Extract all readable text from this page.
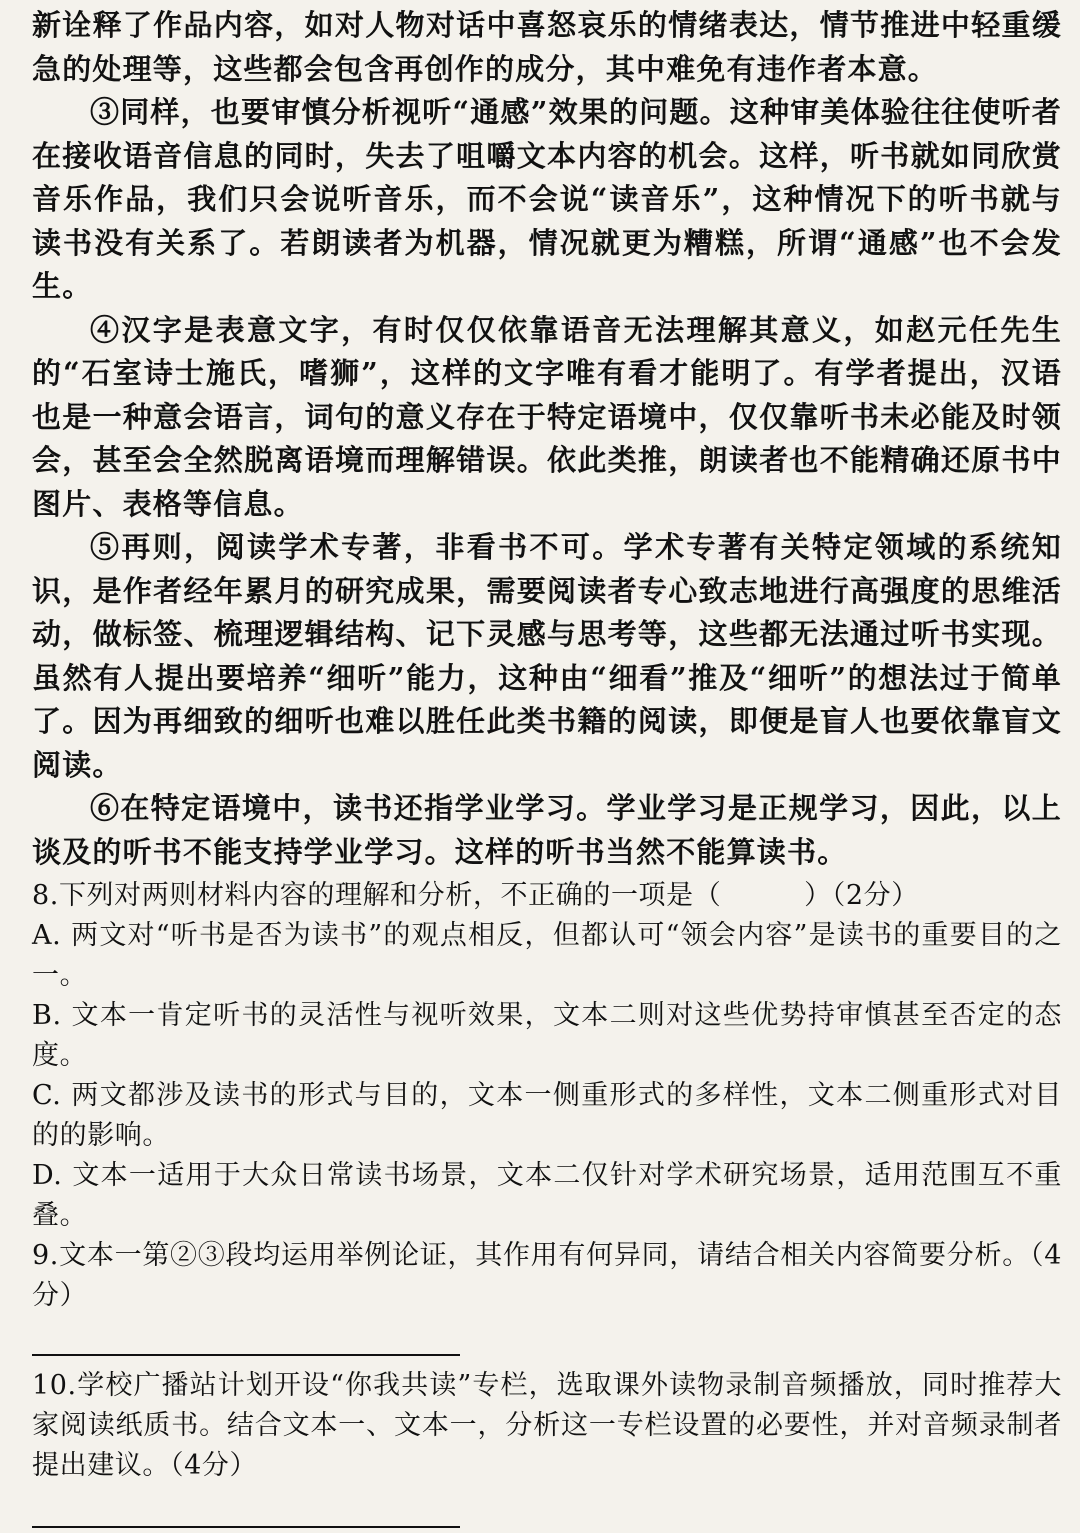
新诠释了作品内容，如对人物对话中喜怒哀乐的情绪表达，情节推进中轻重缓急的处理等，这些都会包含再创作的成分，其中难免有违作者本意。

③同样，也要审慎分析视听“通感”效果的问题。这种审美体验往往使听者在接收语音信息的同时，失去了咀嚼文本内容的机会。这样，听书就如同欣赏音乐作品，我们只会说听音乐，而不会说“读音乐”，这种情况下的听书就与读书没有关系了。若朗读者为机器，情况就更为糟糕，所谓“通感”也不会发生。

④汉字是表意文字，有时仅仅依靠语音无法理解其意义，如赵元任先生的“石室诗士施氏，嗜狮”，这样的文字唯有看才能明了。有学者提出，汉语也是一种意会语言，词句的意义存在于特定语境中，仅仅靠听书未必能及时领会，甚至会全然脱离语境而理解错误。依此类推，朗读者也不能精确还原书中图片、表格等信息。

⑤再则，阅读学术专著，非看书不可。学术专著有关特定领域的系统知识，是作者经年累月的研究成果，需要阅读者专心致志地进行高强度的思维活动，做标签、梳理逻辑结构、记下灵感与思考等，这些都无法通过听书实现。虽然有人提出要培养“细听”能力，这种由“细看”推及“细听”的想法过于简单了。因为再细致的细听也难以胜任此类书籍的阅读，即便是盲人也要依靠盲文阅读。

⑥在特定语境中，读书还指学业学习。学业学习是正规学习，因此，以上谈及的听书不能支持学业学习。这样的听书当然不能算读书。

8.下列对两则材料内容的理解和分析，不正确的一项是（　　　）（2分）

A. 两文对“听书是否为读书”的观点相反，但都认可“领会内容”是读书的重要目的之一。

B. 文本一肯定听书的灵活性与视听效果，文本二则对这些优势持审慎甚至否定的态度。

C. 两文都涉及读书的形式与目的，文本一侧重形式的多样性，文本二侧重形式对目的的影响。

D. 文本一适用于大众日常读书场景，文本二仅针对学术研究场景，适用范围互不重叠。

9.文本一第②③段均运用举例论证，其作用有何异同，请结合相关内容简要分析。（4分）

10.学校广播站计划开设“你我共读”专栏，选取课外读物录制音频播放，同时推荐大家阅读纸质书。结合文本一、文本一，分析这一专栏设置的必要性，并对音频录制者提出建议。（4分）
